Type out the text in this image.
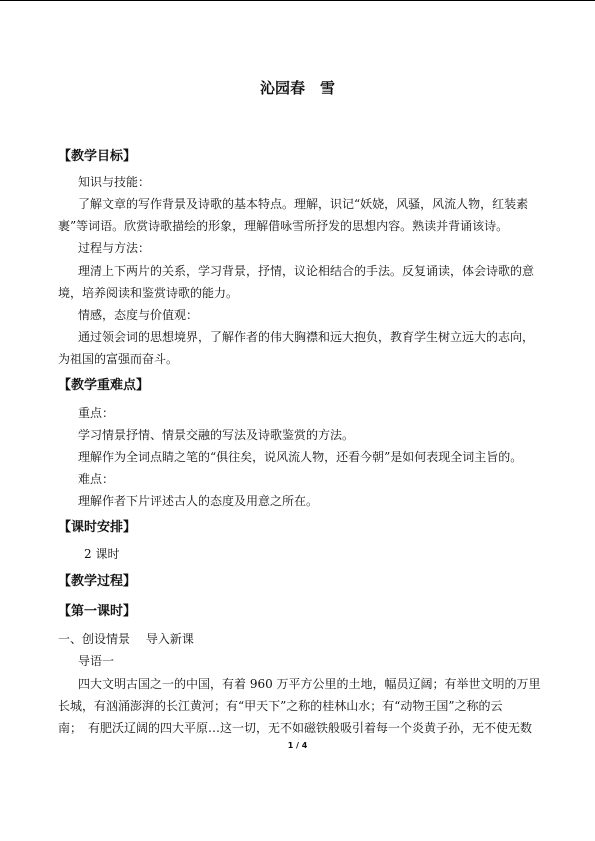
沁园春　雪
【教学目标】
知识与技能：
了解文章的写作背景及诗歌的基本特点。理解，识记“妖娆，风骚，风流人物，红装素
裹”等词语。欣赏诗歌描绘的形象，理解借咏雪所抒发的思想内容。熟读并背诵该诗。
过程与方法：
理清上下两片的关系，学习背景，抒情，议论相结合的手法。反复诵读，体会诗歌的意
境，培养阅读和鉴赏诗歌的能力。
情感，态度与价值观：
通过领会词的思想境界，了解作者的伟大胸襟和远大抱负，教育学生树立远大的志向，
为祖国的富强而奋斗。
【教学重难点】
重点：
学习情景抒情、情景交融的写法及诗歌鉴赏的方法。
理解作为全词点睛之笔的“俱往矣，说风流人物，还看今朝”是如何表现全词主旨的。
难点：
理解作者下片评述古人的态度及用意之所在。
【课时安排】
2 课时
【教学过程】
【第一课时】
一、创设情景　 导入新课
导语一
四大文明古国之一的中国，有着 960 万平方公里的土地，幅员辽阔；有举世文明的万里
长城，有汹涌澎湃的长江黄河；有“甲天下”之称的桂林山水；有“动物王国”之称的云
南；　有肥沃辽阔的四大平原…这一切，无不如磁铁般吸引着每一个炎黄子孙，无不使无数
1 / 4
